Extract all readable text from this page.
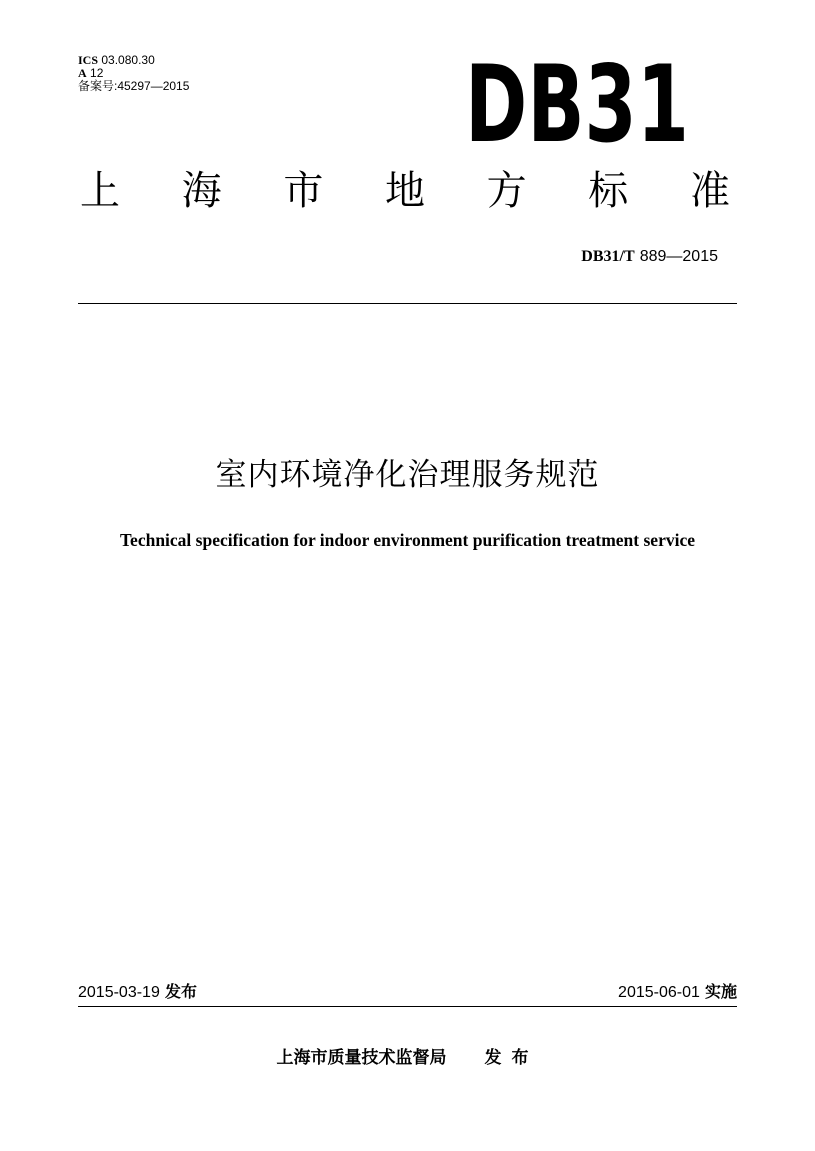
ICS 03.080.30
A 12
备案号:45297—2015	DB31
上 海 市 地 方 标 准
DB31/T 889—2015
室内环境净化治理服务规范
Technical specification for indoor environment purification treatment service
2015-03-19 发布	2015-06-01 实施
上海市质量技术监督局 发布
